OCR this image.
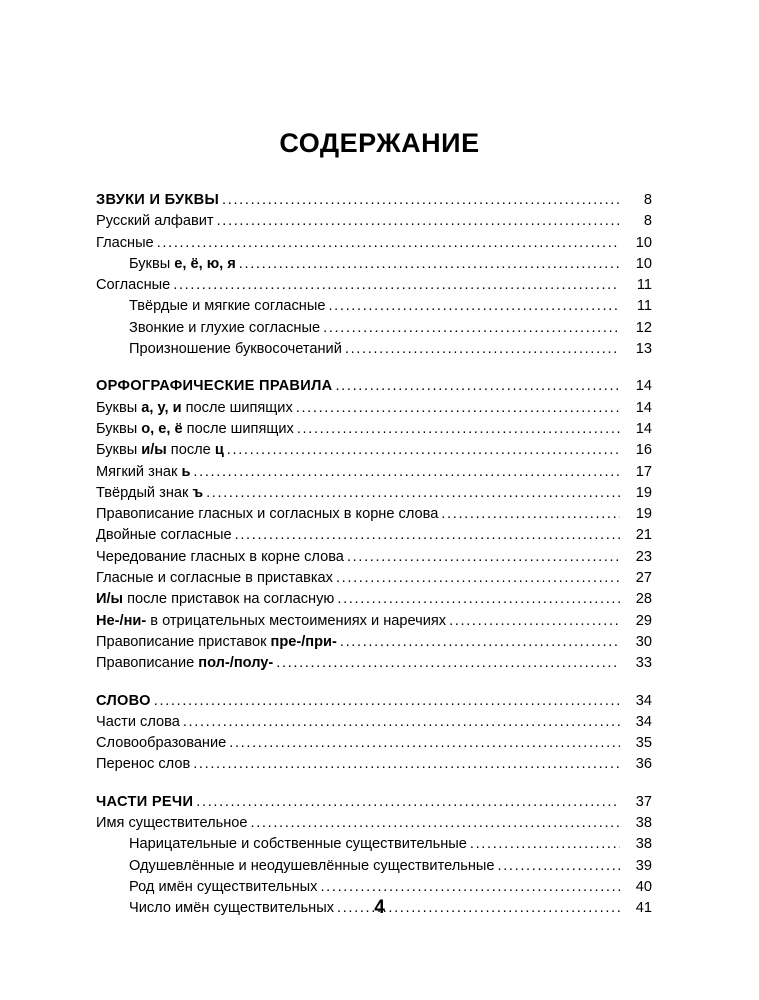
СОДЕРЖАНИЕ
ЗВУКИ И БУКВЫ . . .	8
Русский алфавит . . .	8
Гласные . . .	10
Буквы е, ё, ю, я . . .	10
Согласные . . .	11
Твёрдые и мягкие согласные . . .	11
Звонкие и глухие согласные . . .	12
Произношение буквосочетаний . . .	13
ОРФОГРАФИЧЕСКИЕ ПРАВИЛА . . .	14
Буквы а, у, и после шипящих . . .	14
Буквы о, е, ё после шипящих . . .	14
Буквы и/ы после ц . . .	16
Мягкий знак ь . . .	17
Твёрдый знак ъ . . .	19
Правописание гласных и согласных в корне слова . . .	19
Двойные согласные . . .	21
Чередование гласных в корне слова . . .	23
Гласные и согласные в приставках . . .	27
И/ы после приставок на согласную . . .	28
Не-/ни- в отрицательных местоимениях и наречиях . . .	29
Правописание приставок пре-/при- . . .	30
Правописание пол-/полу- . . .	33
СЛОВО . . .	34
Части слова . . .	34
Словообразование . . .	35
Перенос слов . . .	36
ЧАСТИ РЕЧИ . . .	37
Имя существительное . . .	38
Нарицательные и собственные существительные . . .	38
Одушевлённые и неодушевлённые существительные . . .	39
Род имён существительных . . .	40
Число имён существительных . . .	41
4
